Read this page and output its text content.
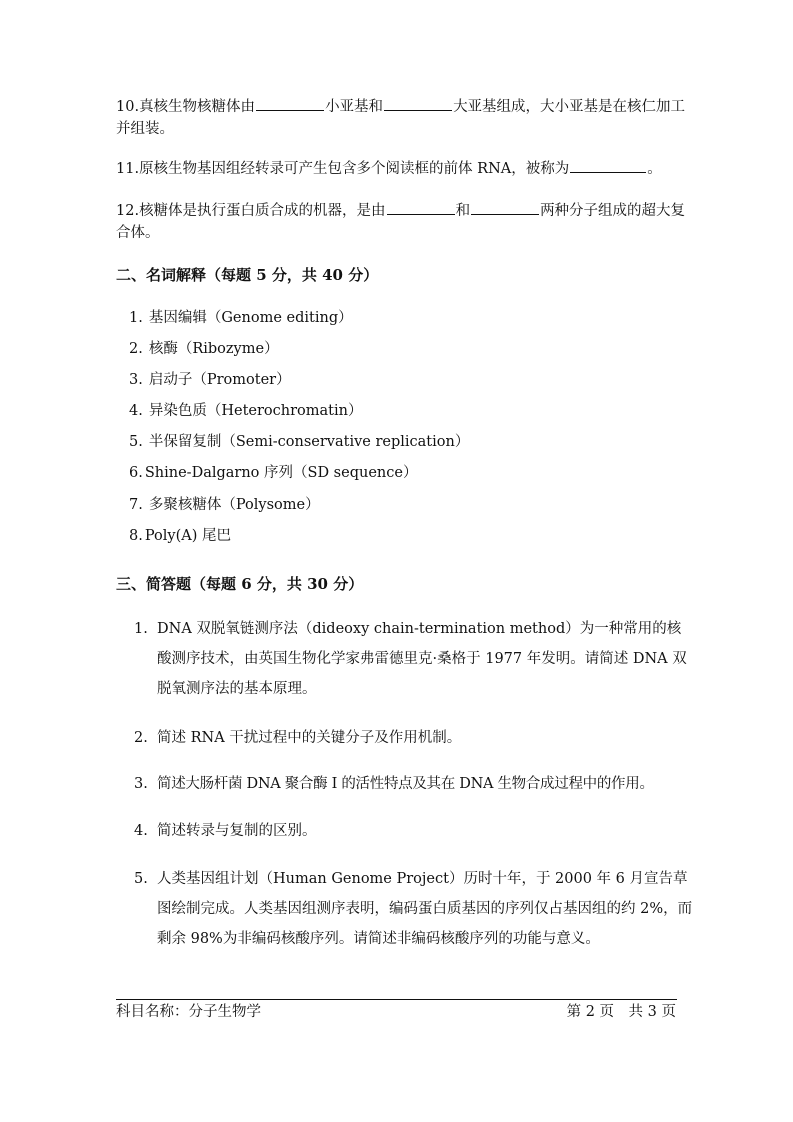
10.真核生物核糖体由	小亚基和	大亚基组成，大小亚基是在核仁加工并组装。
11.原核生物基因组经转录可产生包含多个阅读框的前体 RNA，被称为	。
12.核糖体是执行蛋白质合成的机器，是由	和	两种分子组成的超大复合体。
二、名词解释（每题 5 分，共 40 分）
1. 基因编辑（Genome editing）
2. 核酶（Ribozyme）
3. 启动子（Promoter）
4. 异染色质（Heterochromatin）
5. 半保留复制（Semi-conservative replication）
6. Shine-Dalgarno 序列（SD sequence）
7. 多聚核糖体（Polysome）
8. Poly(A) 尾巴
三、简答题（每题 6 分，共 30 分）
1. DNA 双脱氧链测序法（dideoxy chain-termination method）为一种常用的核酸测序技术，由英国生物化学家弗雷德里克·桑格于 1977 年发明。请简述 DNA 双脱氧测序法的基本原理。
2. 简述 RNA 干扰过程中的关键分子及作用机制。
3. 简述大肠杆菌 DNA 聚合酶 I 的活性特点及其在 DNA 生物合成过程中的作用。
4. 简述转录与复制的区别。
5. 人类基因组计划（Human Genome Project）历时十年，于 2000 年 6 月宣告草图绘制完成。人类基因组测序表明，编码蛋白质基因的序列仅占基因组的约 2%，而剩余 98%为非编码核酸序列。请简述非编码核酸序列的功能与意义。
科目名称：分子生物学	第 2 页　共 3 页
